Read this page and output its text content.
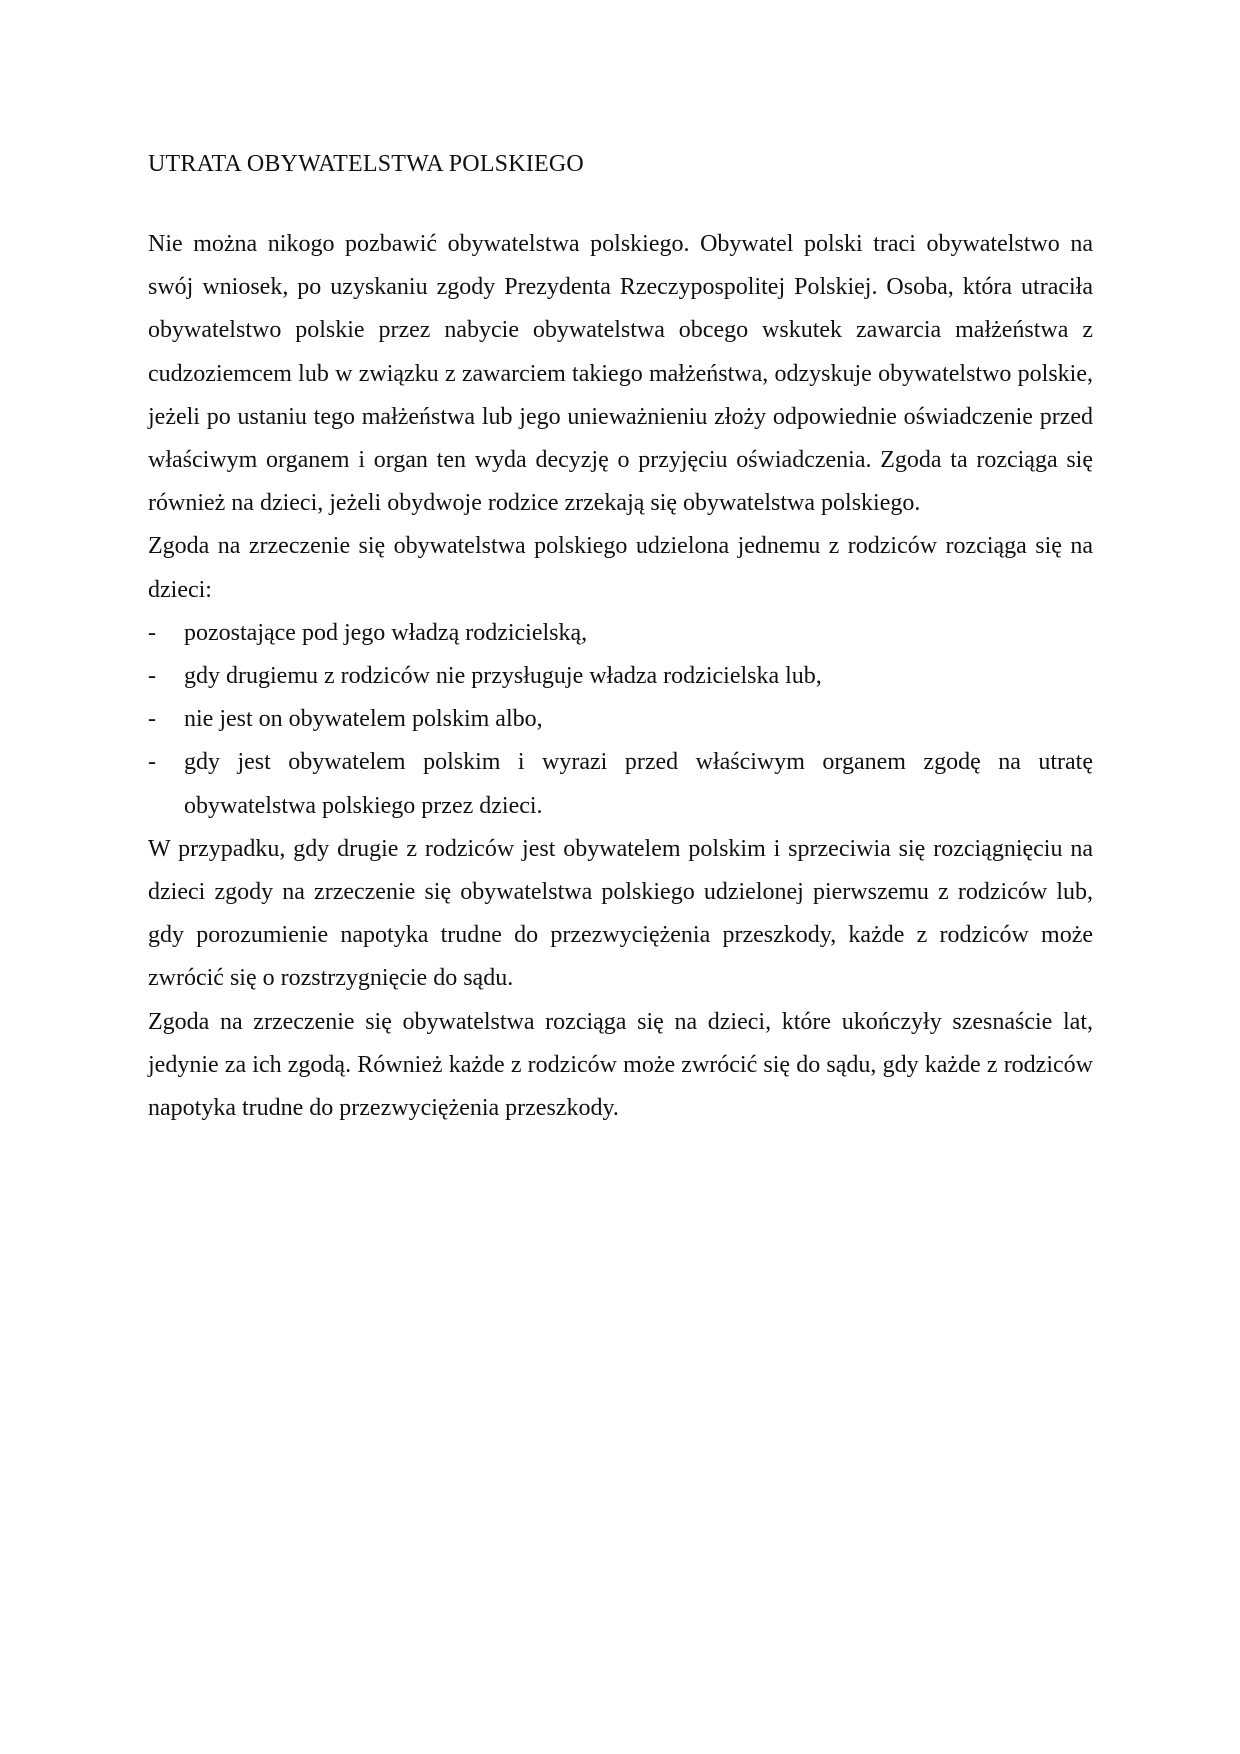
UTRATA OBYWATELSTWA POLSKIEGO

Nie można nikogo pozbawić obywatelstwa polskiego. Obywatel polski traci obywatelstwo na swój wniosek, po uzyskaniu zgody Prezydenta Rzeczypospolitej Polskiej. Osoba, która utraciła obywatelstwo polskie przez nabycie obywatelstwa obcego wskutek zawarcia małżeństwa z cudzoziemcem lub w związku z zawarciem takiego małżeństwa, odzyskuje obywatelstwo polskie, jeżeli po ustaniu tego małżeństwa lub jego unieważnieniu złoży odpowiednie oświadczenie przed właściwym organem i organ ten wyda decyzję o przyjęciu oświadczenia. Zgoda ta rozciąga się również na dzieci, jeżeli obydwoje rodzice zrzekają się obywatelstwa polskiego.

Zgoda na zrzeczenie się obywatelstwa polskiego udzielona jednemu z rodziców rozciąga się na dzieci:

- pozostające pod jego władzą rodzicielską,
- gdy drugiemu z rodziców nie przysługuje władza rodzicielska lub,
- nie jest on obywatelem polskim albo,
- gdy jest obywatelem polskim i wyrazi przed właściwym organem zgodę na utratę obywatelstwa polskiego przez dzieci.

W przypadku, gdy drugie z rodziców jest obywatelem polskim i sprzeciwia się rozciągnięciu na dzieci zgody na zrzeczenie się obywatelstwa polskiego udzielonej pierwszemu z rodziców lub, gdy porozumienie napotyka trudne do przezwyciężenia przeszkody, każde z rodziców może zwrócić się o rozstrzygnięcie do sądu.

Zgoda na zrzeczenie się obywatelstwa rozciąga się na dzieci, które ukończyły szesnaście lat, jedynie za ich zgodą. Również każde z rodziców może zwrócić się do sądu, gdy każde z rodziców napotyka trudne do przezwyciężenia przeszkody.
